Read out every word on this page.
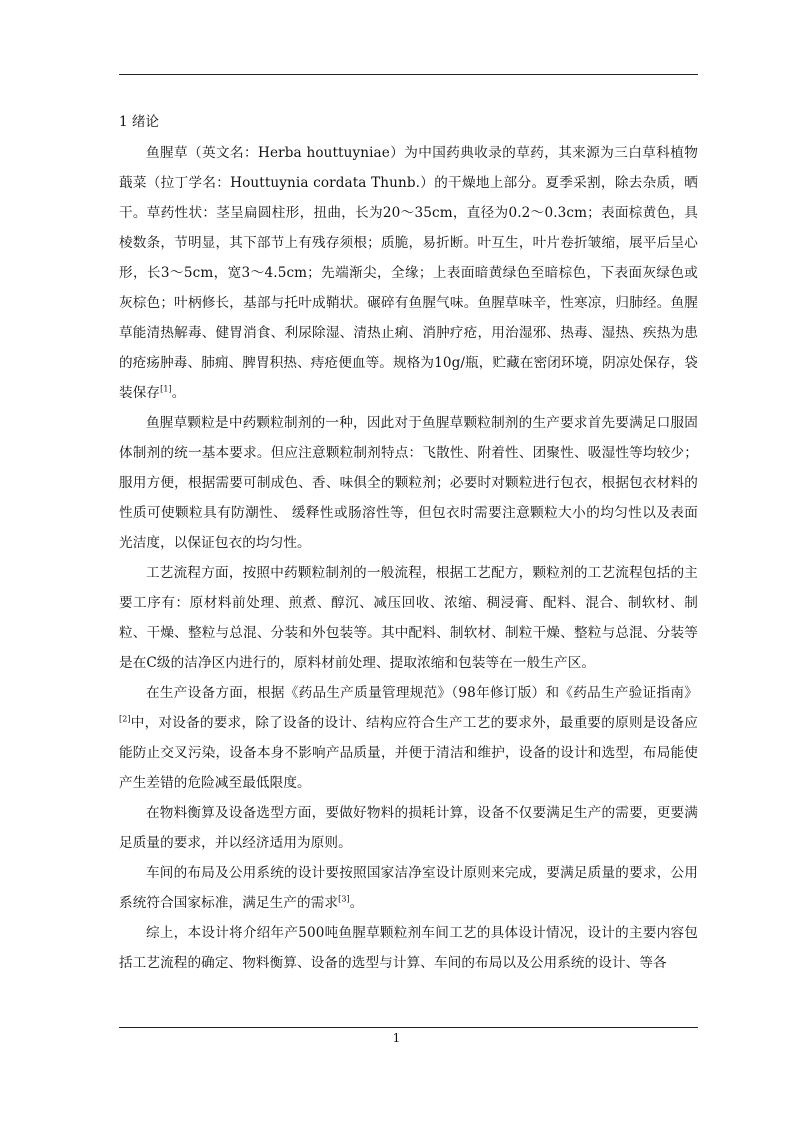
1 绪论

鱼腥草（英文名：Herba houttuyniae）为中国药典收录的草药，其来源为三白草科植物蕺菜（拉丁学名：Houttuynia cordata Thunb.）的干燥地上部分。夏季采割，除去杂质，晒干。草药性状：茎呈扁圆柱形，扭曲，长为20～35cm，直径为0.2～0.3cm；表面棕黄色，具棱数条，节明显，其下部节上有残存须根；质脆，易折断。叶互生，叶片卷折皱缩，展平后呈心形，长3～5cm，宽3～4.5cm；先端渐尖，全缘；上表面暗黄绿色至暗棕色，下表面灰绿色或灰棕色；叶柄修长，基部与托叶成鞘状。碾碎有鱼腥气味。鱼腥草味辛，性寒凉，归肺经。鱼腥草能清热解毒、健胃消食、利尿除湿、清热止痢、消肿疗疮，用治湿邪、热毒、湿热、疾热为患的疮疡肿毒、肺痈、脾胃积热、痔疮便血等。规格为10g/瓶，贮藏在密闭环境，阴凉处保存，袋装保存[1]。

鱼腥草颗粒是中药颗粒制剂的一种，因此对于鱼腥草颗粒制剂的生产要求首先要满足口服固体制剂的统一基本要求。但应注意颗粒制剂特点：飞散性、附着性、团聚性、吸湿性等均较少；服用方便，根据需要可制成色、香、味俱全的颗粒剂；必要时对颗粒进行包衣，根据包衣材料的性质可使颗粒具有防潮性、 缓释性或肠溶性等，但包衣时需要注意颗粒大小的均匀性以及表面光洁度，以保证包衣的均匀性。

工艺流程方面，按照中药颗粒制剂的一般流程，根据工艺配方，颗粒剂的工艺流程包括的主要工序有：原材料前处理、煎煮、醇沉、减压回收、浓缩、稠浸膏、配料、混合、制软材、制粒、干燥、整粒与总混、分装和外包装等。其中配料、制软材、制粒干燥、整粒与总混、分装等是在C级的洁净区内进行的，原料材前处理、提取浓缩和包装等在一般生产区。

在生产设备方面，根据《药品生产质量管理规范》（98年修订版）和《药品生产验证指南》[2]中，对设备的要求，除了设备的设计、结构应符合生产工艺的要求外，最重要的原则是设备应能防止交叉污染，设备本身不影响产品质量，并便于清洁和维护，设备的设计和选型，布局能使产生差错的危险减至最低限度。

在物料衡算及设备选型方面，要做好物料的损耗计算，设备不仅要满足生产的需要，更要满足质量的要求，并以经济适用为原则。

车间的布局及公用系统的设计要按照国家洁净室设计原则来完成，要满足质量的要求，公用系统符合国家标准，满足生产的需求[3]。

综上，本设计将介绍年产500吨鱼腥草颗粒剂车间工艺的具体设计情况，设计的主要内容包括工艺流程的确定、物料衡算、设备的选型与计算、车间的布局以及公用系统的设计、等各

1
